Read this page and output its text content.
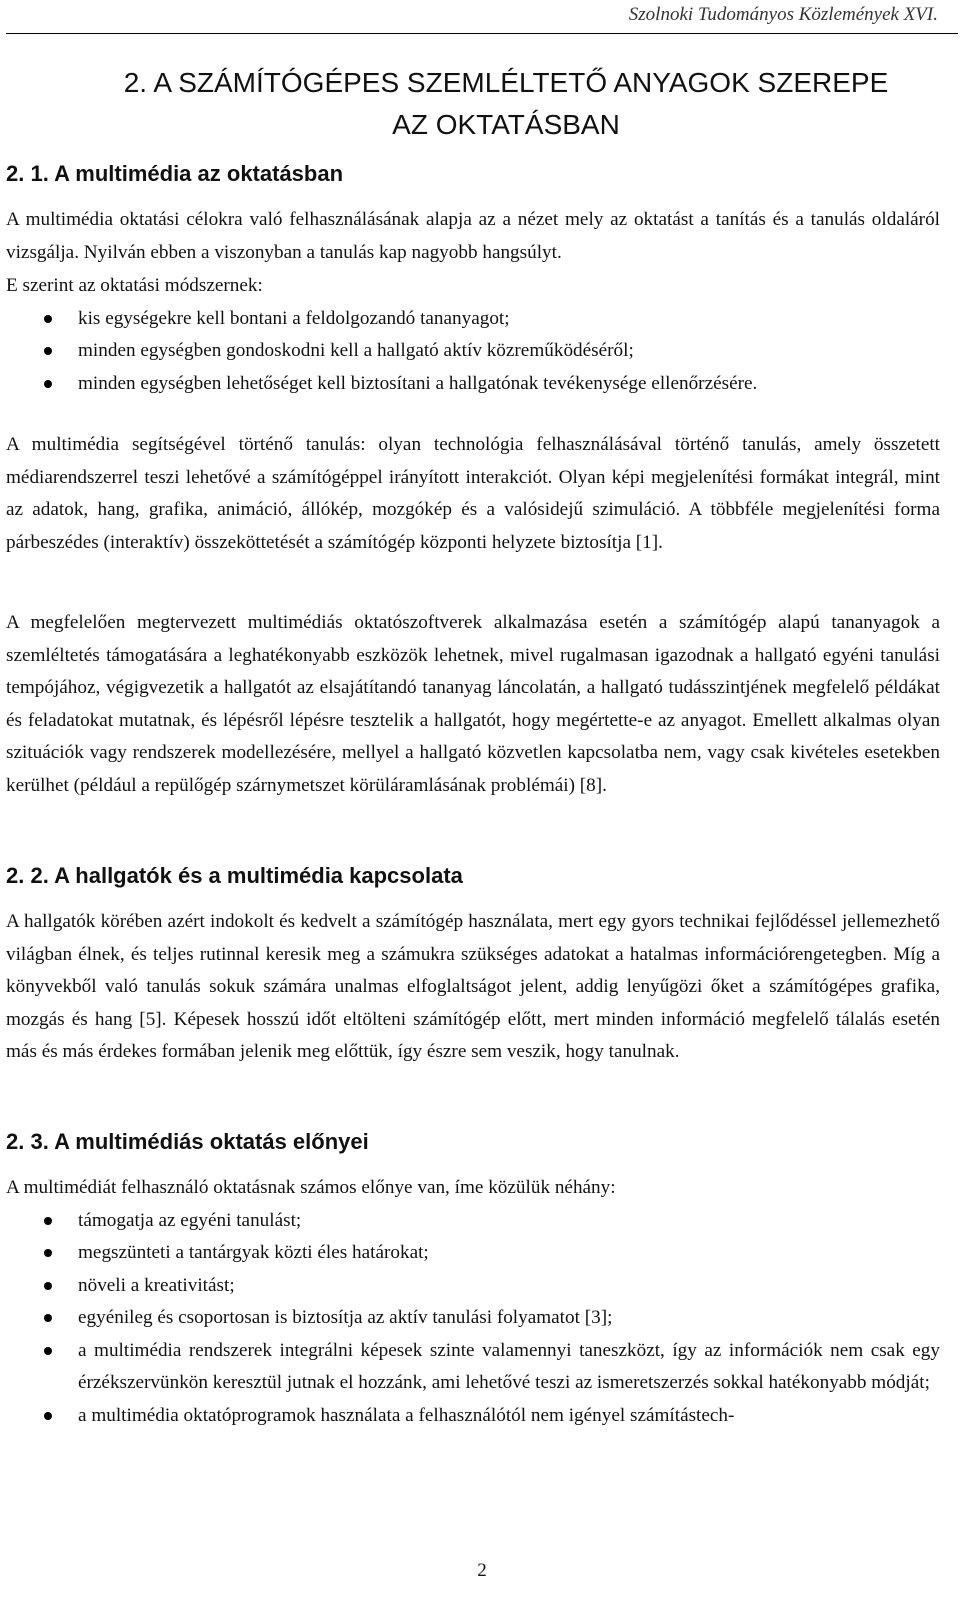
Szolnoki Tudományos Közlemények XVI.
2. A SZÁMÍTÓGÉPES SZEMLÉLTETŐ ANYAGOK SZEREPE
AZ OKTATÁSBAN
2. 1. A multimédia az oktatásban
A multimédia oktatási célokra való felhasználásának alapja az a nézet mely az oktatást a tanítás és a tanulás oldaláról vizsgálja. Nyilván ebben a viszonyban a tanulás kap nagyobb hangsúlyt.
E szerint az oktatási módszernek:
kis egységekre kell bontani a feldolgozandó tananyagot;
minden egységben gondoskodni kell a hallgató aktív közreműködéséről;
minden egységben lehetőséget kell biztosítani a hallgatónak tevékenysége ellenőrzésére.
A multimédia segítségével történő tanulás: olyan technológia felhasználásával történő tanulás, amely összetett médiarendszerrel teszi lehetővé a számítógéppel irányított interakciót. Olyan képi megjelenítési formákat integrál, mint az adatok, hang, grafika, animáció, állókép, mozgókép és a valósidejű szimuláció. A többféle megjelenítési forma párbeszédes (interaktív) összeköttetését a számítógép központi helyzete biztosítja [1].
A megfelelően megtervezett multimédiás oktatószoftverek alkalmazása esetén a számítógép alapú tananyagok a szemléltetés támogatására a leghatékonyabb eszközök lehetnek, mivel rugalmasan igazodnak a hallgató egyéni tanulási tempójához, végigvezetik a hallgatót az elsajátítandó tananyag láncolatán, a hallgató tudásszintjének megfelelő példákat és feladatokat mutatnak, és lépésről lépésre tesztelik a hallgatót, hogy megértette-e az anyagot. Emellett alkalmas olyan szituációk vagy rendszerek modellezésére, mellyel a hallgató közvetlen kapcsolatba nem, vagy csak kivételes esetekben kerülhet (például a repülőgép szárnymetszet körüláramlásának problémái) [8].
2. 2. A hallgatók és a multimédia kapcsolata
A hallgatók körében azért indokolt és kedvelt a számítógép használata, mert egy gyors technikai fejlődéssel jellemezhető világban élnek, és teljes rutinnal keresik meg a számukra szükséges adatokat a hatalmas információrengetegben. Míg a könyvekből való tanulás sokuk számára unalmas elfoglaltságot jelent, addig lenyűgözi őket a számítógépes grafika, mozgás és hang [5]. Képesek hosszú időt eltölteni számítógép előtt, mert minden információ megfelelő tálalás esetén más és más érdekes formában jelenik meg előttük, így észre sem veszik, hogy tanulnak.
2. 3. A multimédiás oktatás előnyei
A multimédiát felhasználó oktatásnak számos előnye van, íme közülük néhány:
támogatja az egyéni tanulást;
megszünteti a tantárgyak közti éles határokat;
növeli a kreativitást;
egyénileg és csoportosan is biztosítja az aktív tanulási folyamatot [3];
a multimédia rendszerek integrálni képesek szinte valamennyi taneszközt, így az információk nem csak egy érzékszervünkön keresztül jutnak el hozzánk, ami lehetővé teszi az ismeretszerzés sokkal hatékonyabb módját;
a multimédia oktatóprogramok használata a felhasználótól nem igényel számítástech-
2
